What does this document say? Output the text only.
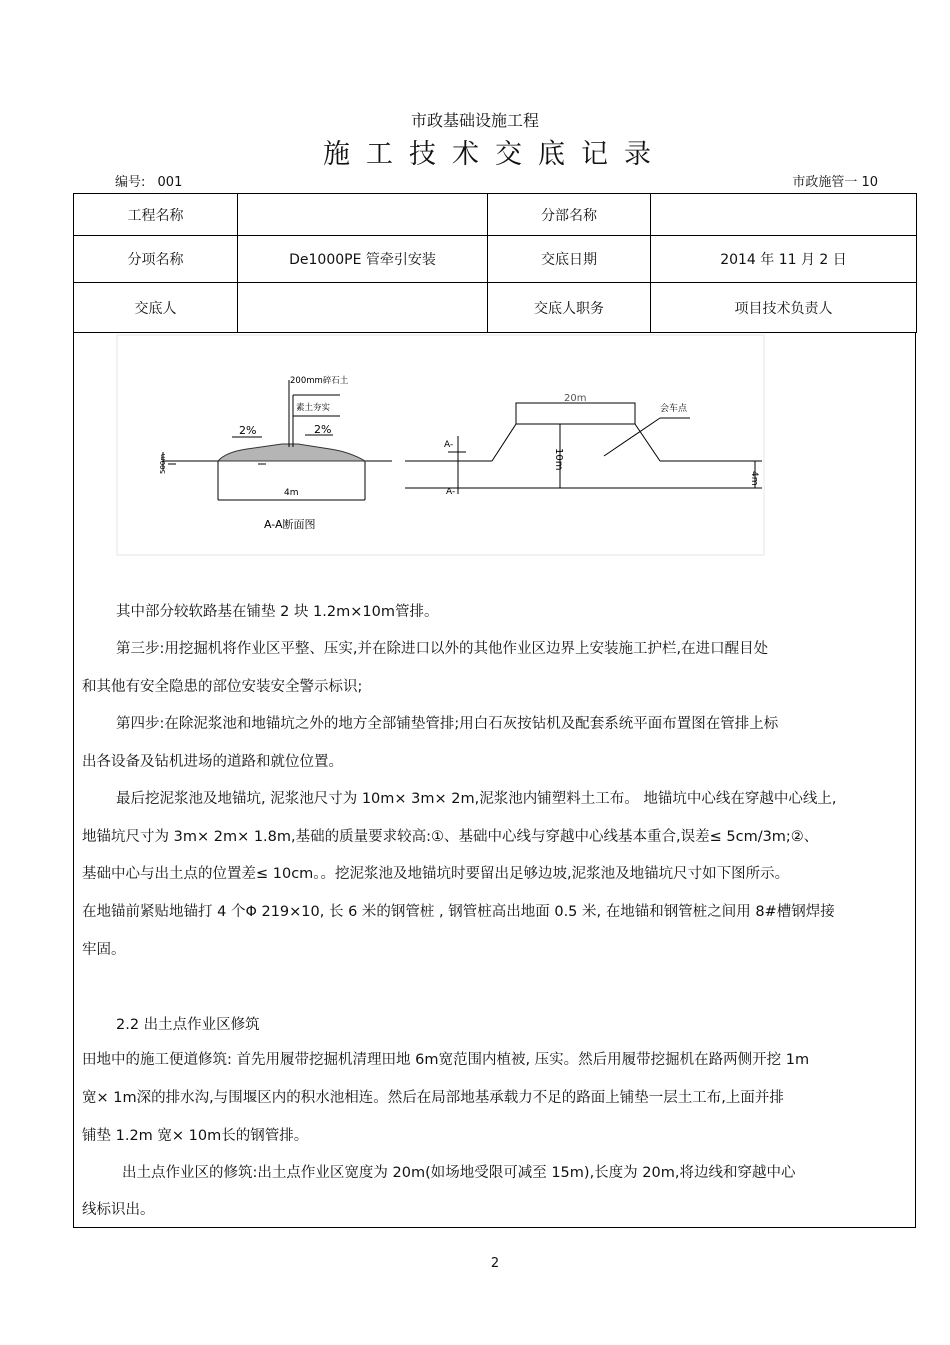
市政基础设施工程
施工技术交底记录
编号: 001	市政施管一 10
工程名称		分部名称	
分项名称	De1000PE 管牵引安装	交底日期	2014 年 11 月 2 日
交底人		交底人职务	项目技术负责人
200mm碎石土
素土夯实
2%	2%
4m
500m
A-A断面图
20m
会车点
10m
4m
A-
A-
其中部分较软路基在铺垫 2 块 1.2m×10m管排。
第三步:用挖掘机将作业区平整、压实,并在除进口以外的其他作业区边界上安装施工护栏,在进口醒目处
和其他有安全隐患的部位安装安全警示标识;
第四步:在除泥浆池和地锚坑之外的地方全部铺垫管排;用白石灰按钻机及配套系统平面布置图在管排上标
出各设备及钻机进场的道路和就位位置。
最后挖泥浆池及地锚坑, 泥浆池尺寸为 10m× 3m× 2m,泥浆池内铺塑料土工布。 地锚坑中心线在穿越中心线上,
地锚坑尺寸为 3m× 2m× 1.8m,基础的质量要求较高:①、基础中心线与穿越中心线基本重合,误差≤ 5cm/3m;②、
基础中心与出土点的位置差≤ 10cm。。挖泥浆池及地锚坑时要留出足够边坡,泥浆池及地锚坑尺寸如下图所示。
在地锚前紧贴地锚打 4 个Φ 219×10, 长 6 米的钢管桩 , 钢管桩高出地面 0.5 米, 在地锚和钢管桩之间用 8#槽钢焊接
牢固。
2.2 出土点作业区修筑
田地中的施工便道修筑: 首先用履带挖掘机清理田地 6m宽范围内植被, 压实。然后用履带挖掘机在路两侧开挖 1m
宽× 1m深的排水沟,与围堰区内的积水池相连。然后在局部地基承载力不足的路面上铺垫一层土工布,上面并排
铺垫 1.2m 宽× 10m长的钢管排。
出土点作业区的修筑:出土点作业区宽度为 20m(如场地受限可减至 15m),长度为 20m,将边线和穿越中心
线标识出。
2
